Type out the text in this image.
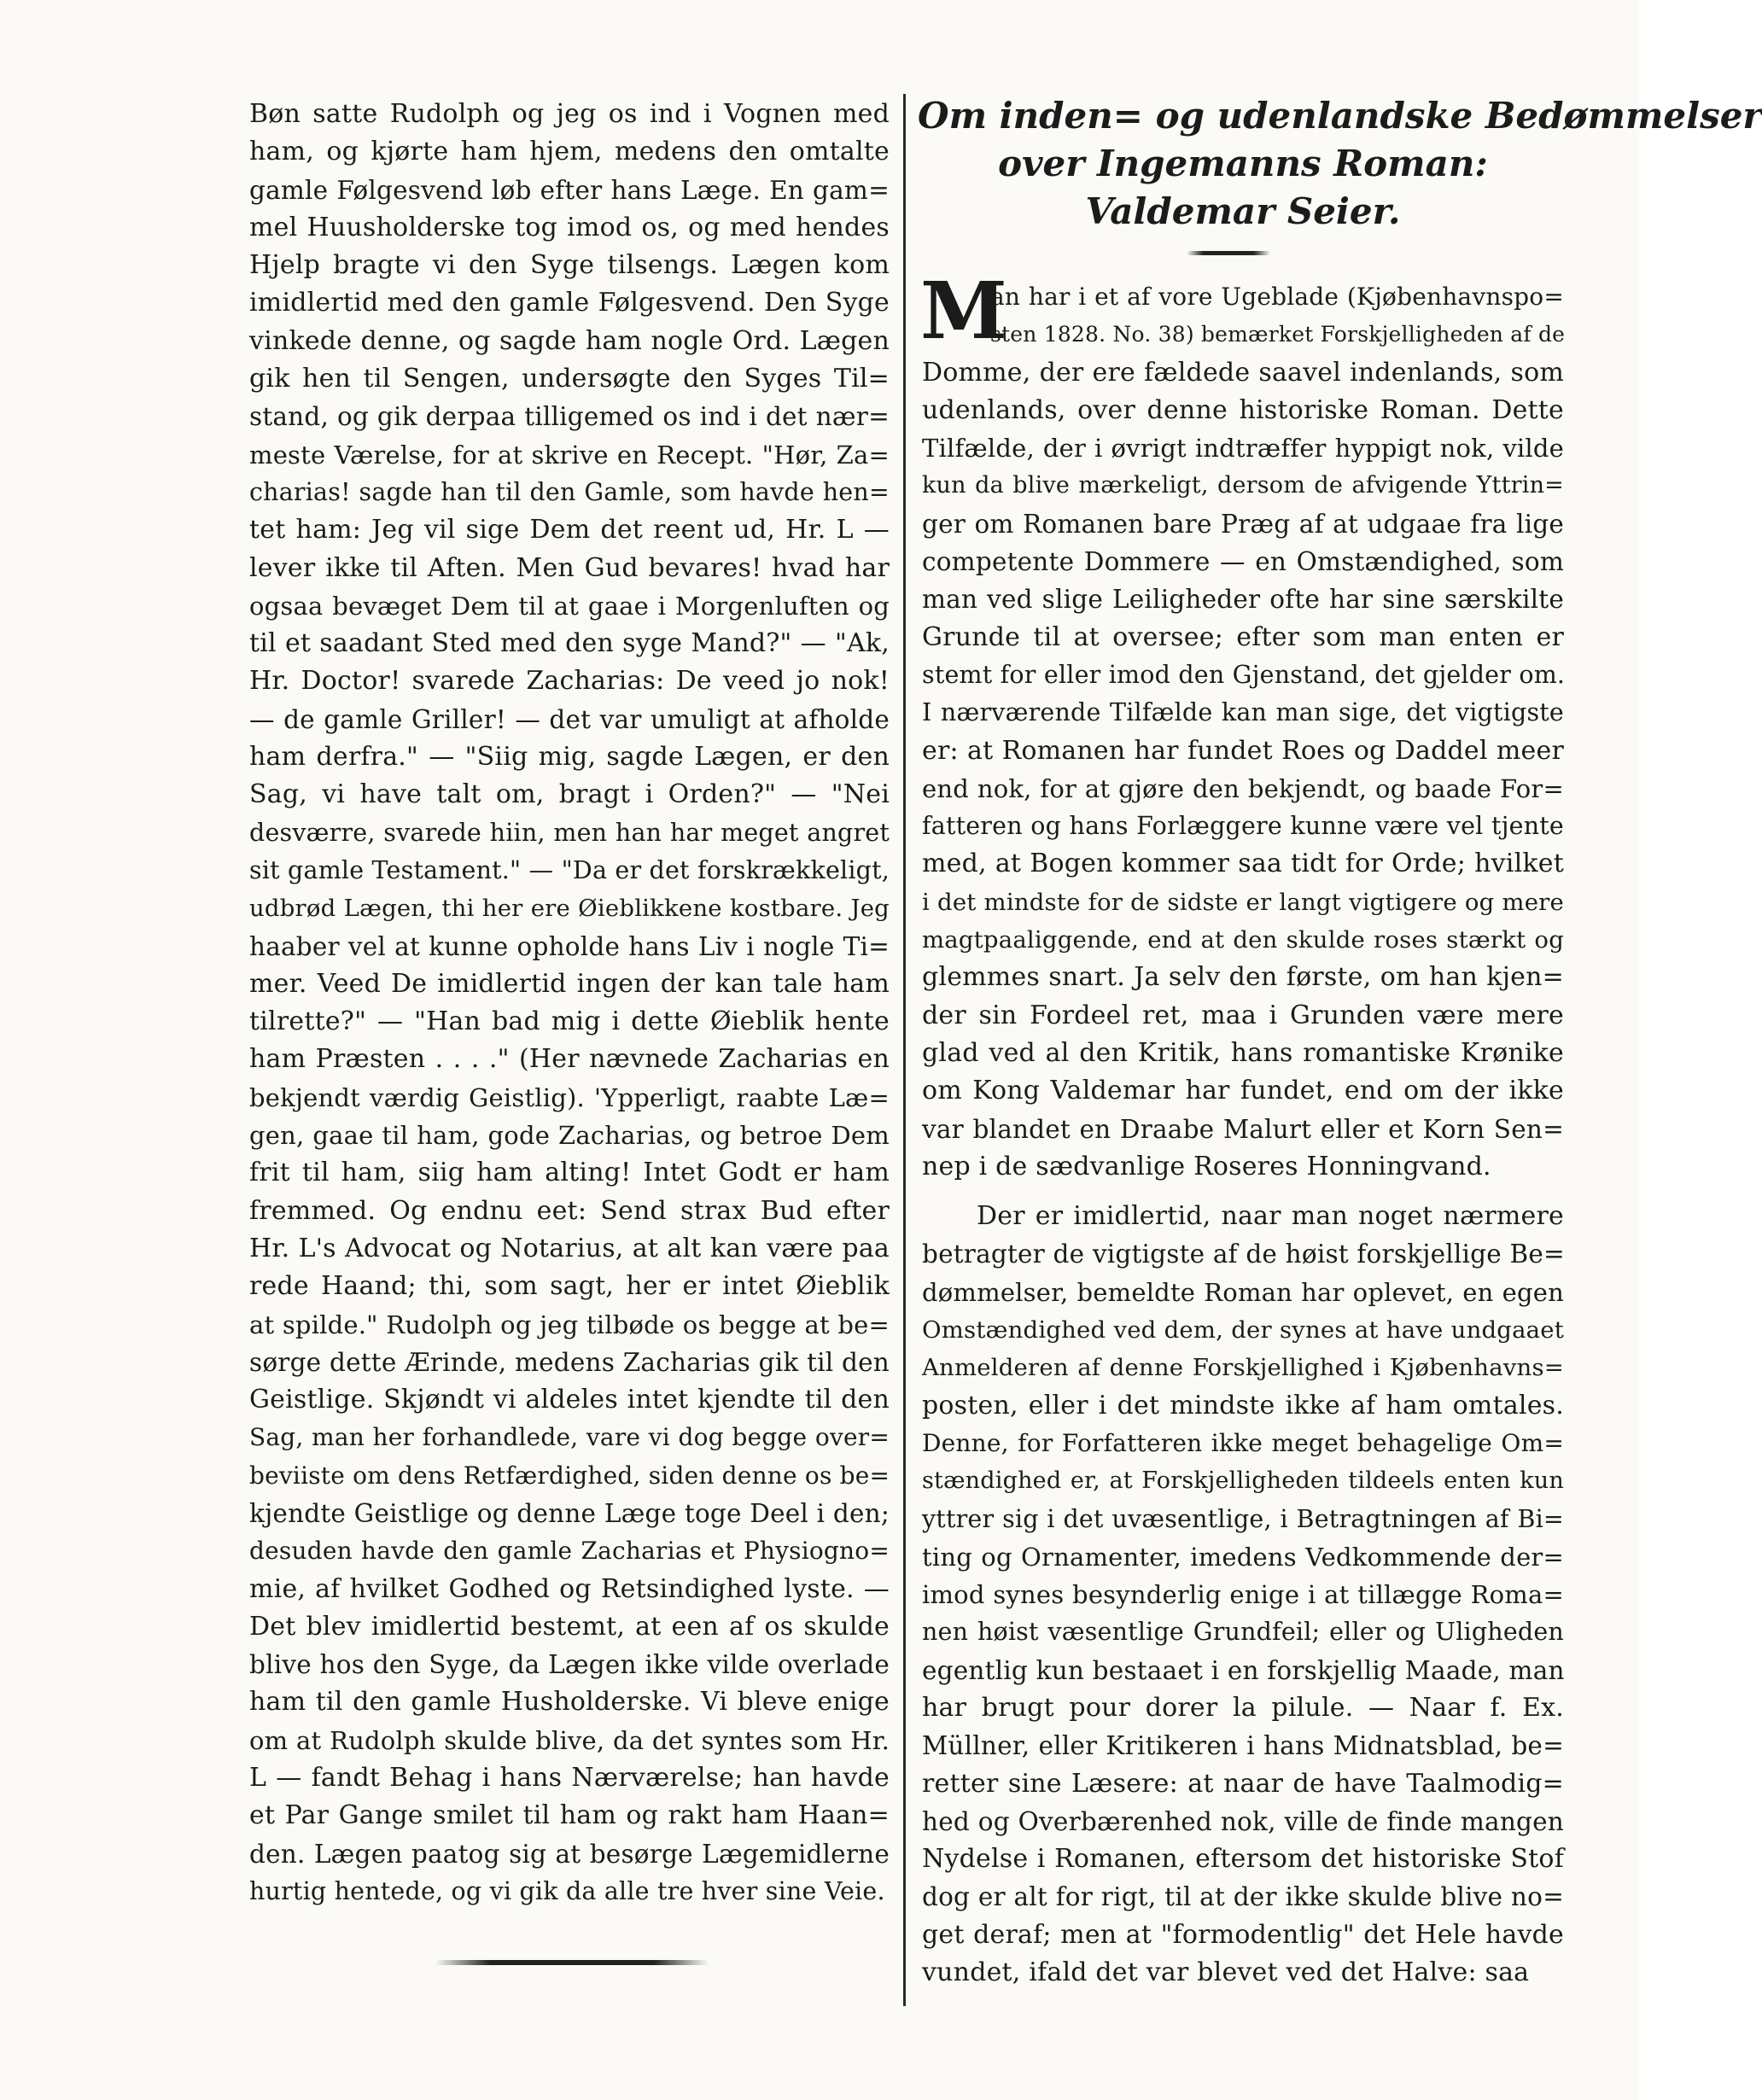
Bøn satte Rudolph og jeg os ind i Vognen med
ham, og kjørte ham hjem, medens den omtalte
gamle Følgesvend løb efter hans Læge. En gam=
mel Huusholderske tog imod os, og med hendes
Hjelp bragte vi den Syge tilsengs. Lægen kom
imidlertid med den gamle Følgesvend. Den Syge
vinkede denne, og sagde ham nogle Ord. Lægen
gik hen til Sengen, undersøgte den Syges Til=
stand, og gik derpaa tilligemed os ind i det nær=
meste Værelse, for at skrive en Recept. "Hør, Za=
charias! sagde han til den Gamle, som havde hen=
tet ham: Jeg vil sige Dem det reent ud, Hr. L —
lever ikke til Aften. Men Gud bevares! hvad har
ogsaa bevæget Dem til at gaae i Morgenluften og
til et saadant Sted med den syge Mand?" — "Ak,
Hr. Doctor! svarede Zacharias: De veed jo nok!
— de gamle Griller! — det var umuligt at afholde
ham derfra." — "Siig mig, sagde Lægen, er den
Sag, vi have talt om, bragt i Orden?" — "Nei
desværre, svarede hiin, men han har meget angret
sit gamle Testament." — "Da er det forskrækkeligt,
udbrød Lægen, thi her ere Øieblikkene kostbare. Jeg
haaber vel at kunne opholde hans Liv i nogle Ti=
mer. Veed De imidlertid ingen der kan tale ham
tilrette?" — "Han bad mig i dette Øieblik hente
ham Præsten . . . ." (Her nævnede Zacharias en
bekjendt værdig Geistlig). 'Ypperligt, raabte Læ=
gen, gaae til ham, gode Zacharias, og betroe Dem
frit til ham, siig ham alting! Intet Godt er ham
fremmed. Og endnu eet: Send strax Bud efter
Hr. L's Advocat og Notarius, at alt kan være paa
rede Haand; thi, som sagt, her er intet Øieblik
at spilde." Rudolph og jeg tilbøde os begge at be=
sørge dette Ærinde, medens Zacharias gik til den
Geistlige. Skjøndt vi aldeles intet kjendte til den
Sag, man her forhandlede, vare vi dog begge over=
beviiste om dens Retfærdighed, siden denne os be=
kjendte Geistlige og denne Læge toge Deel i den;
desuden havde den gamle Zacharias et Physiogno=
mie, af hvilket Godhed og Retsindighed lyste. —
Det blev imidlertid bestemt, at een af os skulde
blive hos den Syge, da Lægen ikke vilde overlade
ham til den gamle Husholderske. Vi bleve enige
om at Rudolph skulde blive, da det syntes som Hr.
L — fandt Behag i hans Nærværelse; han havde
et Par Gange smilet til ham og rakt ham Haan=
den. Lægen paatog sig at besørge Lægemidlerne
hurtig hentede, og vi gik da alle tre hver sine Veie.
Om inden= og udenlandske Bedømmelser
over Ingemanns Roman:
Valdemar Seier.
M
an har i et af vore Ugeblade (Kjøbenhavnspo=
sten 1828. No. 38) bemærket Forskjelligheden af de
Domme, der ere fældede saavel indenlands, som
udenlands, over denne historiske Roman. Dette
Tilfælde, der i øvrigt indtræffer hyppigt nok, vilde
kun da blive mærkeligt, dersom de afvigende Yttrin=
ger om Romanen bare Præg af at udgaae fra lige
competente Dommere — en Omstændighed, som
man ved slige Leiligheder ofte har sine særskilte
Grunde til at oversee; efter som man enten er
stemt for eller imod den Gjenstand, det gjelder om.
I nærværende Tilfælde kan man sige, det vigtigste
er: at Romanen har fundet Roes og Daddel meer
end nok, for at gjøre den bekjendt, og baade For=
fatteren og hans Forlæggere kunne være vel tjente
med, at Bogen kommer saa tidt for Orde; hvilket
i det mindste for de sidste er langt vigtigere og mere
magtpaaliggende, end at den skulde roses stærkt og
glemmes snart. Ja selv den første, om han kjen=
der sin Fordeel ret, maa i Grunden være mere
glad ved al den Kritik, hans romantiske Krønike
om Kong Valdemar har fundet, end om der ikke
var blandet en Draabe Malurt eller et Korn Sen=
nep i de sædvanlige Roseres Honningvand.
Der er imidlertid, naar man noget nærmere
betragter de vigtigste af de høist forskjellige Be=
dømmelser, bemeldte Roman har oplevet, en egen
Omstændighed ved dem, der synes at have undgaaet
Anmelderen af denne Forskjellighed i Kjøbenhavns=
posten, eller i det mindste ikke af ham omtales.
Denne, for Forfatteren ikke meget behagelige Om=
stændighed er, at Forskjelligheden tildeels enten kun
yttrer sig i det uvæsentlige, i Betragtningen af Bi=
ting og Ornamenter, imedens Vedkommende der=
imod synes besynderlig enige i at tillægge Roma=
nen høist væsentlige Grundfeil; eller og Uligheden
egentlig kun bestaaet i en forskjellig Maade, man
har brugt pour dorer la pilule. — Naar f. Ex.
Müllner, eller Kritikeren i hans Midnatsblad, be=
retter sine Læsere: at naar de have Taalmodig=
hed og Overbærenhed nok, ville de finde mangen
Nydelse i Romanen, eftersom det historiske Stof
dog er alt for rigt, til at der ikke skulde blive no=
get deraf; men at "formodentlig" det Hele havde
vundet, ifald det var blevet ved det Halve: saa
